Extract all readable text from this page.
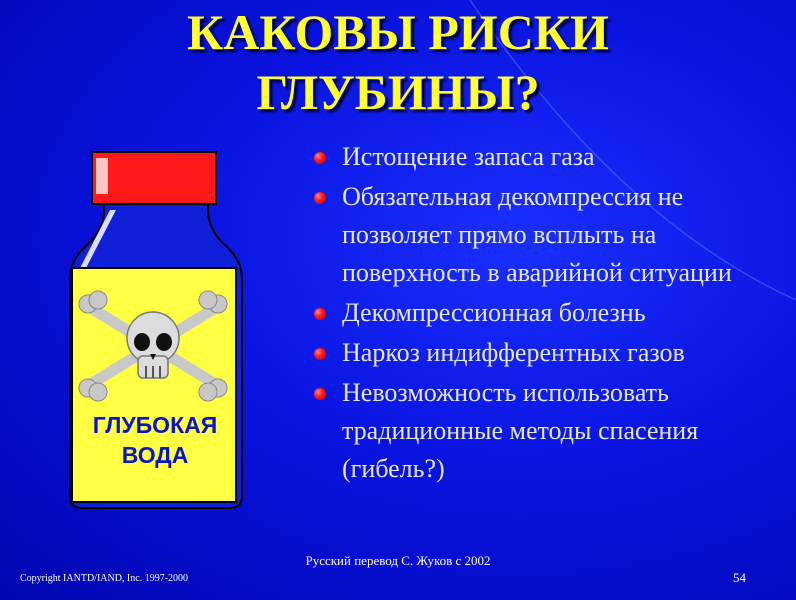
КАКОВЫ РИСКИ
ГЛУБИНЫ?
ГЛУБОКАЯ
ВОДА
Истощение запаса газа
Обязательная декомпрессия не позволяет прямо всплыть на поверхность в аварийной ситуации
Декомпрессионная болезнь
Наркоз индифферентных газов
Невозможность использовать традиционные методы спасения (гибель?)
Русский перевод С. Жуков с 2002
Copyright IANTD/IAND, Inc. 1997-2000	54
